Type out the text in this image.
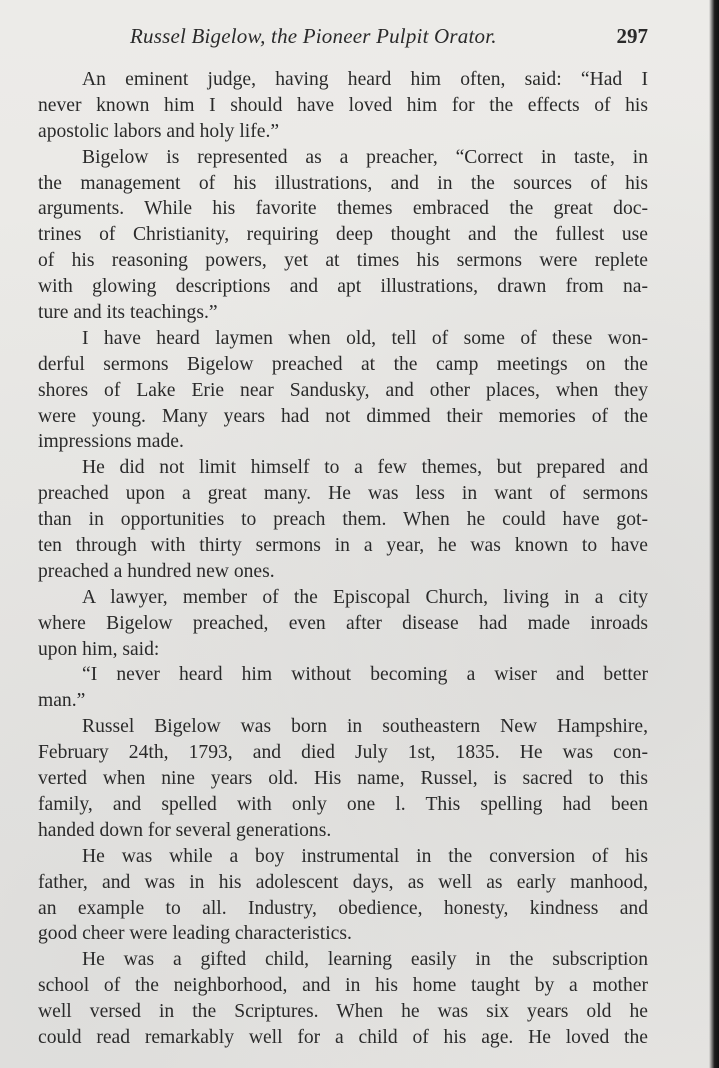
Russel Bigelow, the Pioneer Pulpit Orator.	297
An eminent judge, having heard him often, said: “Had I
never known him I should have loved him for the effects of his
apostolic labors and holy life.”
Bigelow is represented as a preacher, “Correct in taste, in
the management of his illustrations, and in the sources of his
arguments. While his favorite themes embraced the great doc-
trines of Christianity, requiring deep thought and the fullest use
of his reasoning powers, yet at times his sermons were replete
with glowing descriptions and apt illustrations, drawn from na-
ture and its teachings.”
I have heard laymen when old, tell of some of these won-
derful sermons Bigelow preached at the camp meetings on the
shores of Lake Erie near Sandusky, and other places, when they
were young. Many years had not dimmed their memories of the
impressions made.
He did not limit himself to a few themes, but prepared and
preached upon a great many. He was less in want of sermons
than in opportunities to preach them. When he could have got-
ten through with thirty sermons in a year, he was known to have
preached a hundred new ones.
A lawyer, member of the Episcopal Church, living in a city
where Bigelow preached, even after disease had made inroads
upon him, said:
“I never heard him without becoming a wiser and better
man.”
Russel Bigelow was born in southeastern New Hampshire,
February 24th, 1793, and died July 1st, 1835. He was con-
verted when nine years old. His name, Russel, is sacred to this
family, and spelled with only one l. This spelling had been
handed down for several generations.
He was while a boy instrumental in the conversion of his
father, and was in his adolescent days, as well as early manhood,
an example to all. Industry, obedience, honesty, kindness and
good cheer were leading characteristics.
He was a gifted child, learning easily in the subscription
school of the neighborhood, and in his home taught by a mother
well versed in the Scriptures. When he was six years old he
could read remarkably well for a child of his age. He loved the
